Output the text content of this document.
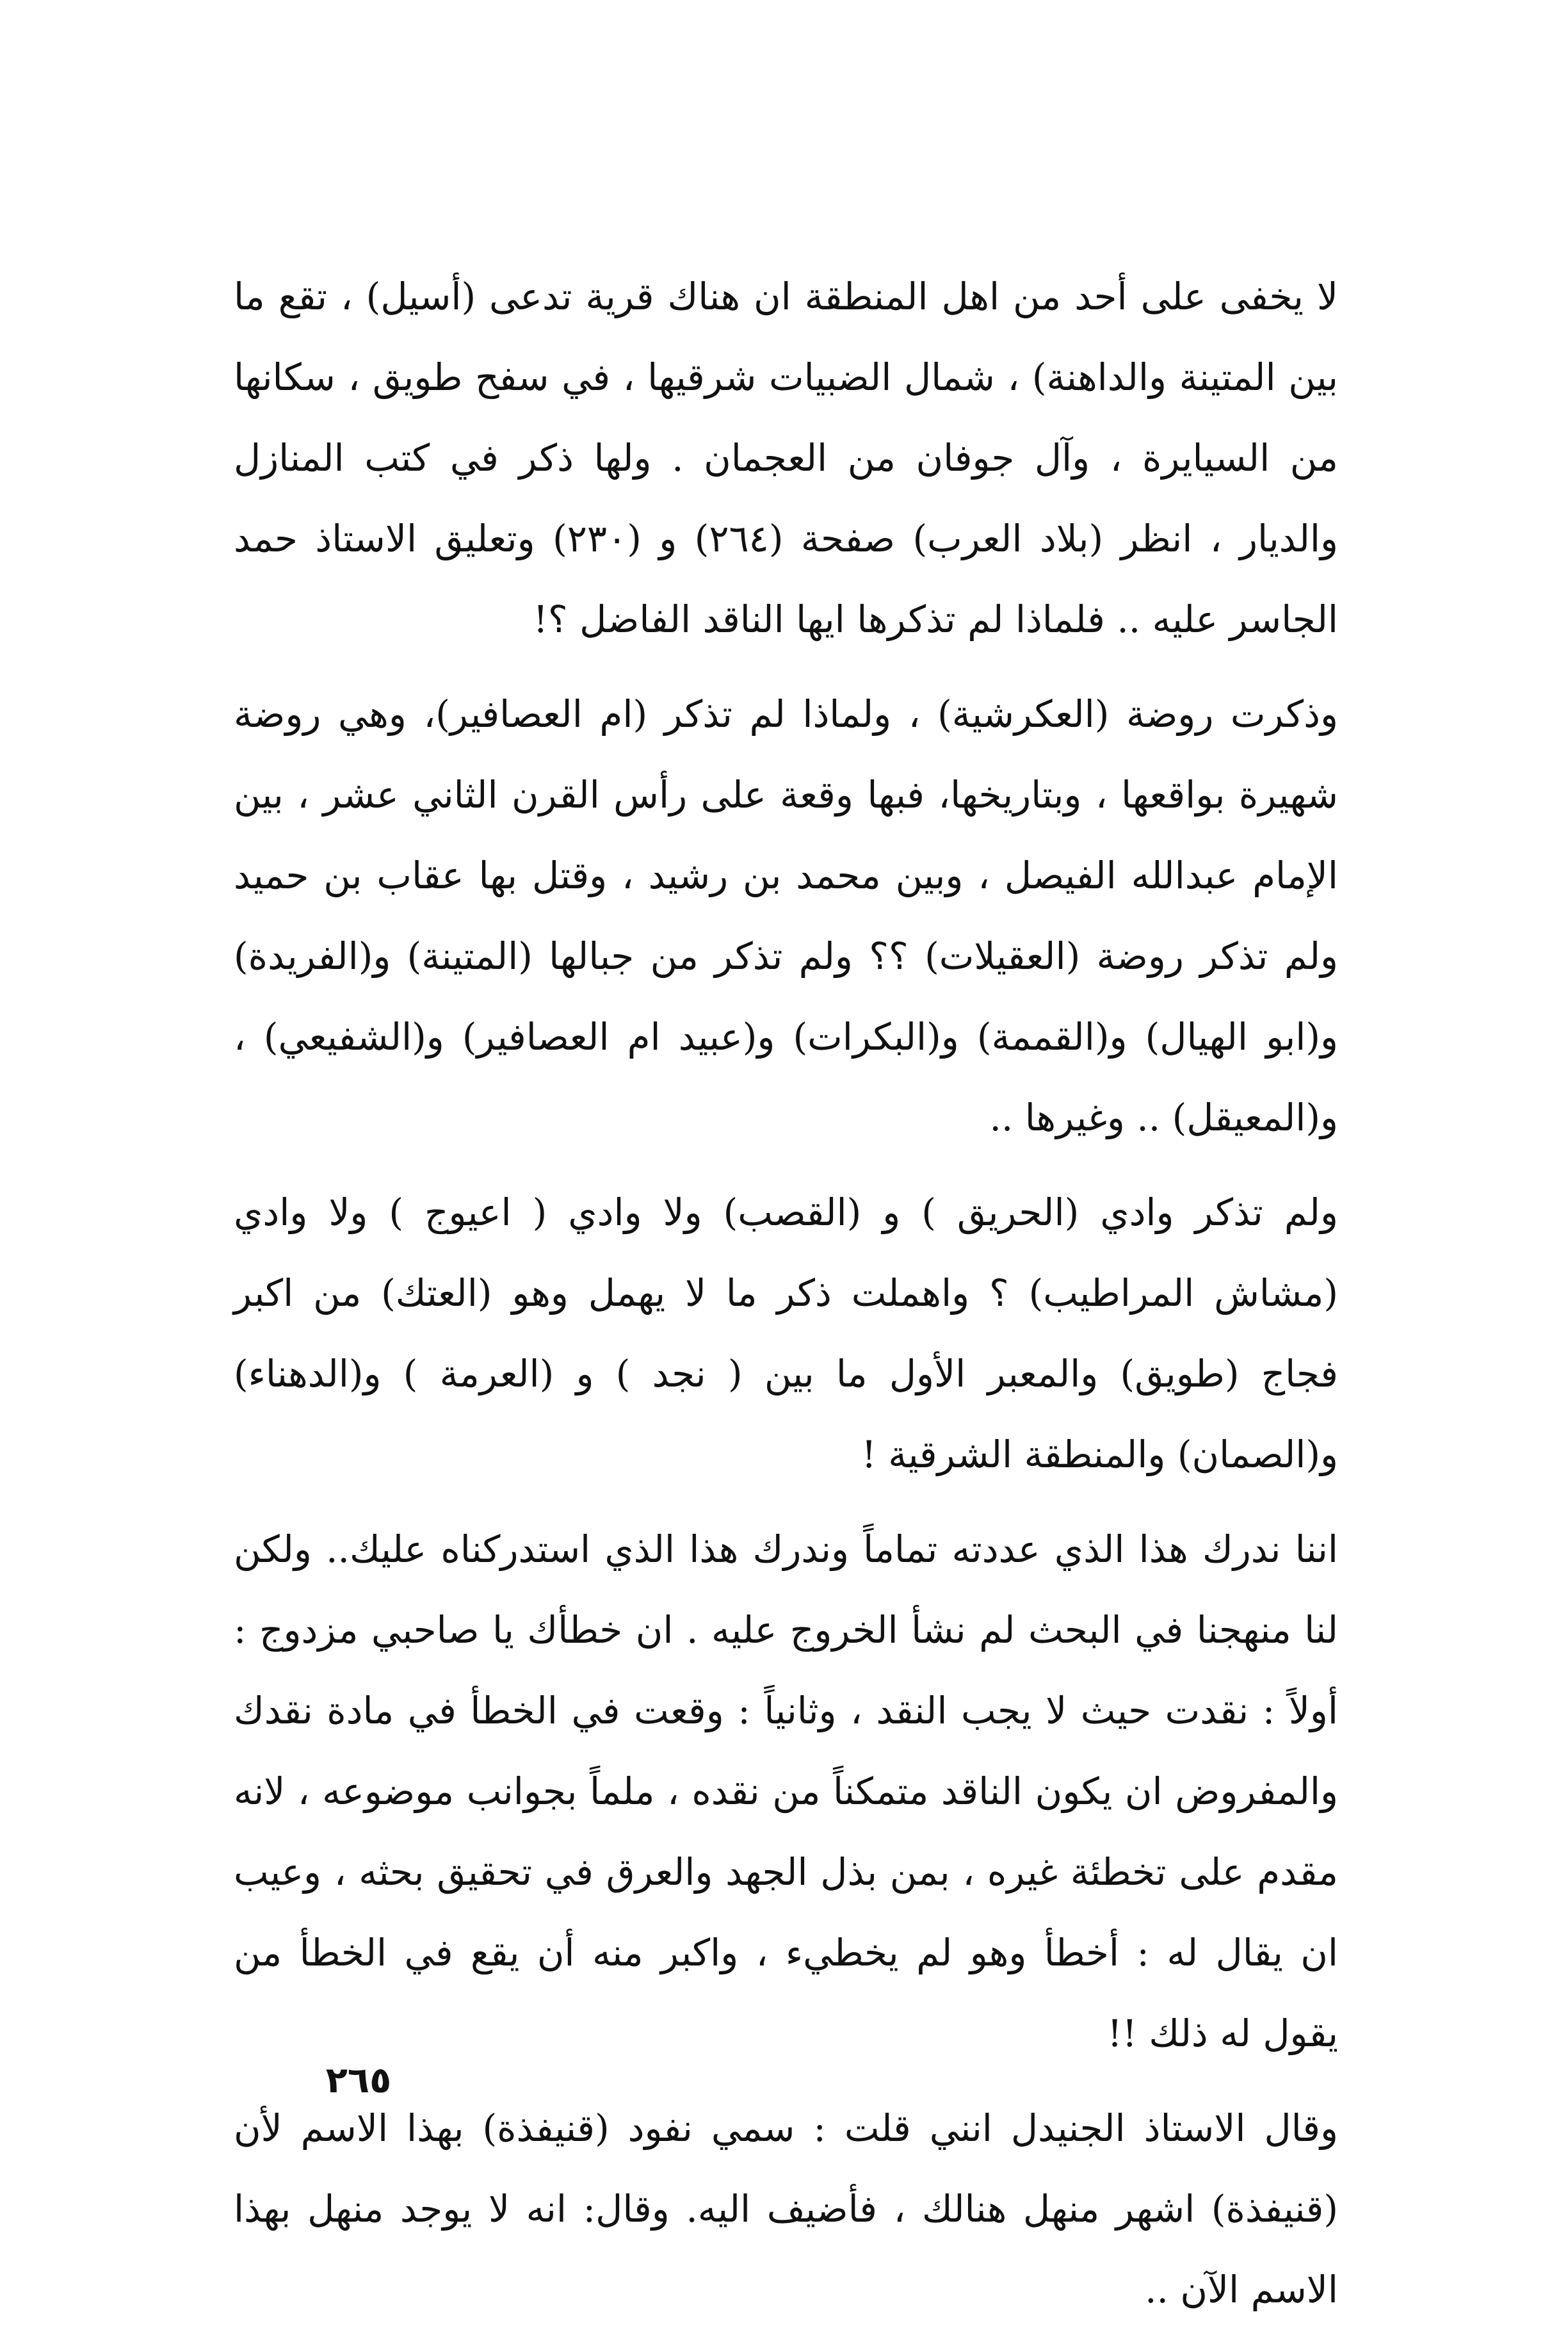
لا يخفى على أحد من اهل المنطقة ان هناك قرية تدعى (أسيل) ، تقع ما بين المتينة والداهنة) ، شمال الضبيات شرقيها ، في سفح طويق ، سكانها من السيايرة ، وآل جوفان من العجمان . ولها ذكر في كتب المنازل والديار ، انظر (بلاد العرب) صفحة (٢٦٤) و (٢٣٠) وتعليق الاستاذ حمد الجاسر عليه .. فلماذا لم تذكرها ايها الناقد الفاضل ؟!

وذكرت روضة (العكرشية) ، ولماذا لم تذكر (ام العصافير)، وهي روضة شهيرة بواقعها ، وبتاريخها، فبها وقعة على رأس القرن الثاني عشر ، بين الإمام عبدالله الفيصل ، وبين محمد بن رشيد ، وقتل بها عقاب بن حميد ولم تذكر روضة (العقيلات) ؟؟ ولم تذكر من جبالها (المتينة) و(الفريدة) و(ابو الهيال) و(القممة) و(البكرات) و(عبيد ام العصافير) و(الشفيعي) ، و(المعيقل) .. وغيرها ..

ولم تذكر وادي (الحريق ) و (القصب) ولا وادي ( اعيوج ) ولا وادي (مشاش المراطيب) ؟ واهملت ذكر ما لا يهمل وهو (العتك) من اكبر فجاج (طويق) والمعبر الأول ما بين ( نجد ) و (العرمة ) و(الدهناء) و(الصمان) والمنطقة الشرقية !

اننا ندرك هذا الذي عددته تماماً وندرك هذا الذي استدركناه عليك.. ولكن لنا منهجنا في البحث لم نشأ الخروج عليه . ان خطأك يا صاحبي مزدوج : أولاً : نقدت حيث لا يجب النقد ، وثانياً : وقعت في الخطأ في مادة نقدك والمفروض ان يكون الناقد متمكناً من نقده ، ملماً بجوانب موضوعه ، لانه مقدم على تخطئة غيره ، بمن بذل الجهد والعرق في تحقيق بحثه ، وعيب ان يقال له : أخطأ وهو لم يخطيء ، واكبر منه أن يقع في الخطأ من يقول له ذلك !!

وقال الاستاذ الجنيدل انني قلت : سمي نفود (قنيفذة) بهذا الاسم لأن (قنيفذة) اشهر منهل هنالك ، فأضيف اليه. وقال: انه لا يوجد منهل بهذا الاسم الآن ..

٢٦٥
